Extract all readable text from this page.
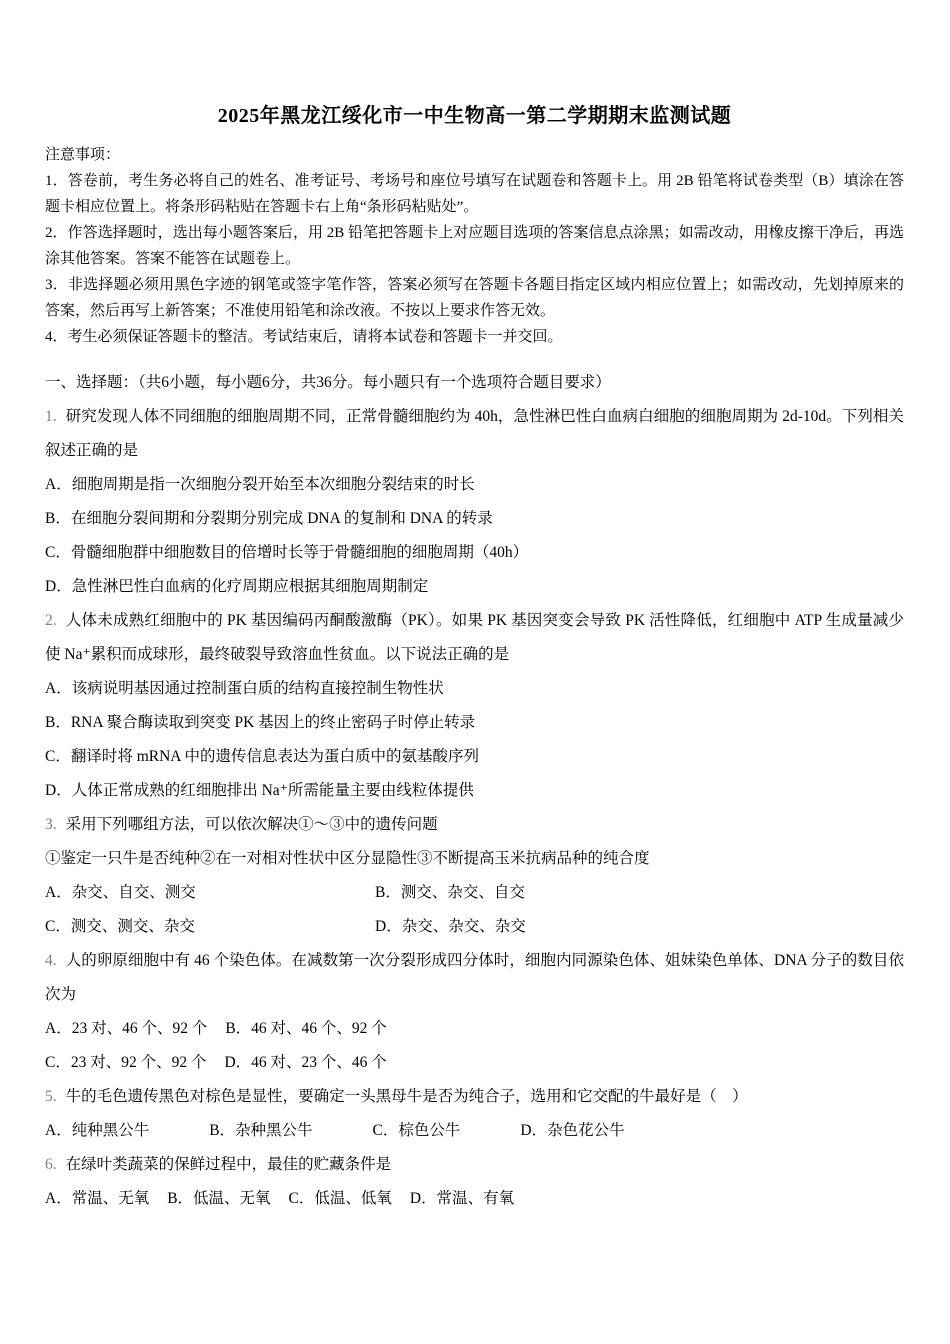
2025年黑龙江绥化市一中生物高一第二学期期末监测试题
注意事项：
1．答卷前，考生务必将自己的姓名、准考证号、考场号和座位号填写在试题卷和答题卡上。用 2B 铅笔将试卷类型（B）填涂在答题卡相应位置上。将条形码粘贴在答题卡右上角“条形码粘贴处”。
2．作答选择题时，选出每小题答案后，用 2B 铅笔把答题卡上对应题目选项的答案信息点涂黑；如需改动，用橡皮擦干净后，再选涂其他答案。答案不能答在试题卷上。
3．非选择题必须用黑色字迹的钢笔或签字笔作答，答案必须写在答题卡各题目指定区域内相应位置上；如需改动，先划掉原来的答案，然后再写上新答案；不准使用铅笔和涂改液。不按以上要求作答无效。
4．考生必须保证答题卡的整洁。考试结束后，请将本试卷和答题卡一并交回。
一、选择题：（共6小题，每小题6分，共36分。每小题只有一个选项符合题目要求）
1. 研究发现人体不同细胞的细胞周期不同，正常骨髓细胞约为 40h，急性淋巴性白血病白细胞的细胞周期为 2d-10d。下列相关叙述正确的是
A．细胞周期是指一次细胞分裂开始至本次细胞分裂结束的时长
B．在细胞分裂间期和分裂期分别完成 DNA 的复制和 DNA 的转录
C．骨髓细胞群中细胞数目的倍增时长等于骨髓细胞的细胞周期（40h）
D．急性淋巴性白血病的化疗周期应根据其细胞周期制定
2. 人体未成熟红细胞中的 PK 基因编码丙酮酸激酶（PK）。如果 PK 基因突变会导致 PK 活性降低，红细胞中 ATP 生成量减少使 Na⁺累积而成球形，最终破裂导致溶血性贫血。以下说法正确的是
A．该病说明基因通过控制蛋白质的结构直接控制生物性状
B．RNA 聚合酶读取到突变 PK 基因上的终止密码子时停止转录
C．翻译时将 mRNA 中的遗传信息表达为蛋白质中的氨基酸序列
D．人体正常成熟的红细胞排出 Na⁺所需能量主要由线粒体提供
3. 采用下列哪组方法，可以依次解决①～③中的遗传问题
①鉴定一只牛是否纯种②在一对相对性状中区分显隐性③不断提高玉米抗病品种的纯合度
A．杂交、自交、测交	B．测交、杂交、自交
C．测交、测交、杂交	D．杂交、杂交、杂交
4. 人的卵原细胞中有 46 个染色体。在减数第一次分裂形成四分体时，细胞内同源染色体、姐妹染色单体、DNA 分子的数目依次为
A．23 对、46 个、92 个 B．46 对、46 个、92 个
C．23 对、92 个、92 个 D．46 对、23 个、46 个
5. 牛的毛色遗传黑色对棕色是显性，要确定一头黑母牛是否为纯合子，选用和它交配的牛最好是（　）
A．纯种黑公牛	B．杂种黑公牛	C．棕色公牛	D．杂色花公牛
6. 在绿叶类蔬菜的保鲜过程中，最佳的贮藏条件是
A．常温、无氧 B．低温、无氧 C．低温、低氧 D．常温、有氧
